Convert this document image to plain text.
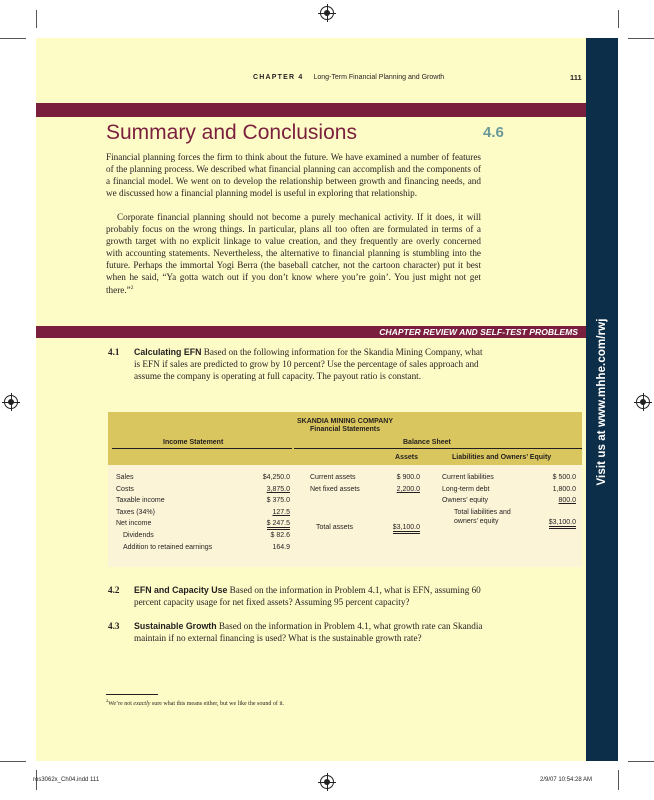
Visit us at www.mhhe.com/rwj
CHAPTER 4 Long-Term Financial Planning and Growth	111
Summary and Conclusions	4.6
Financial planning forces the firm to think about the future. We have examined a number of features of the planning process. We described what financial planning can accomplish and the components of a financial model. We went on to develop the relationship between growth and financing needs, and we discussed how a financial planning model is useful in exploring that relationship.
Corporate financial planning should not become a purely mechanical activity. If it does, it will probably focus on the wrong things. In particular, plans all too often are formulated in terms of a growth target with no explicit linkage to value creation, and they frequently are overly concerned with accounting statements. Nevertheless, the alternative to financial planning is stumbling into the future. Perhaps the immortal Yogi Berra (the baseball catcher, not the cartoon character) put it best when he said, “Ya gotta watch out if you don’t know where you’re goin’. You just might not get there.”$^2$
CHAPTER REVIEW AND SELF-TEST PROBLEMS
4.1 Calculating EFN Based on the following information for the Skandia Mining Company, what is EFN if sales are predicted to grow by 10 percent? Use the percentage of sales approach and assume the company is operating at full capacity. The payout ratio is constant.
SKANDIA MINING COMPANY
Financial Statements
Income Statement	Balance Sheet
Assets	Liabilities and Owners’ Equity
Sales	$4,250.0
Costs	3,875.0
Taxable income	$ 375.0
Taxes (34%)	127.5
Net income	$ 247.5
Dividends	$ 82.6
Addition to retained earnings	164.9
Current assets	$ 900.0
Net fixed assets	2,200.0
Total assets	$3,100.0
Current liabilities	$ 500.0
Long-term debt	1,800.0
Owners’ equity	800.0
Total liabilities and
owners’ equity	$3,100.0
4.2 EFN and Capacity Use Based on the information in Problem 4.1, what is EFN, assuming 60 percent capacity usage for net fixed assets? Assuming 95 percent capacity?
4.3 Sustainable Growth Based on the information in Problem 4.1, what growth rate can Skandia maintain if no external financing is used? What is the sustainable growth rate?
$^2$We’re not exactly sure what this means either, but we like the sound of it.
ros3062x_Ch04.indd 111	2/9/07 10:54:28 AM
